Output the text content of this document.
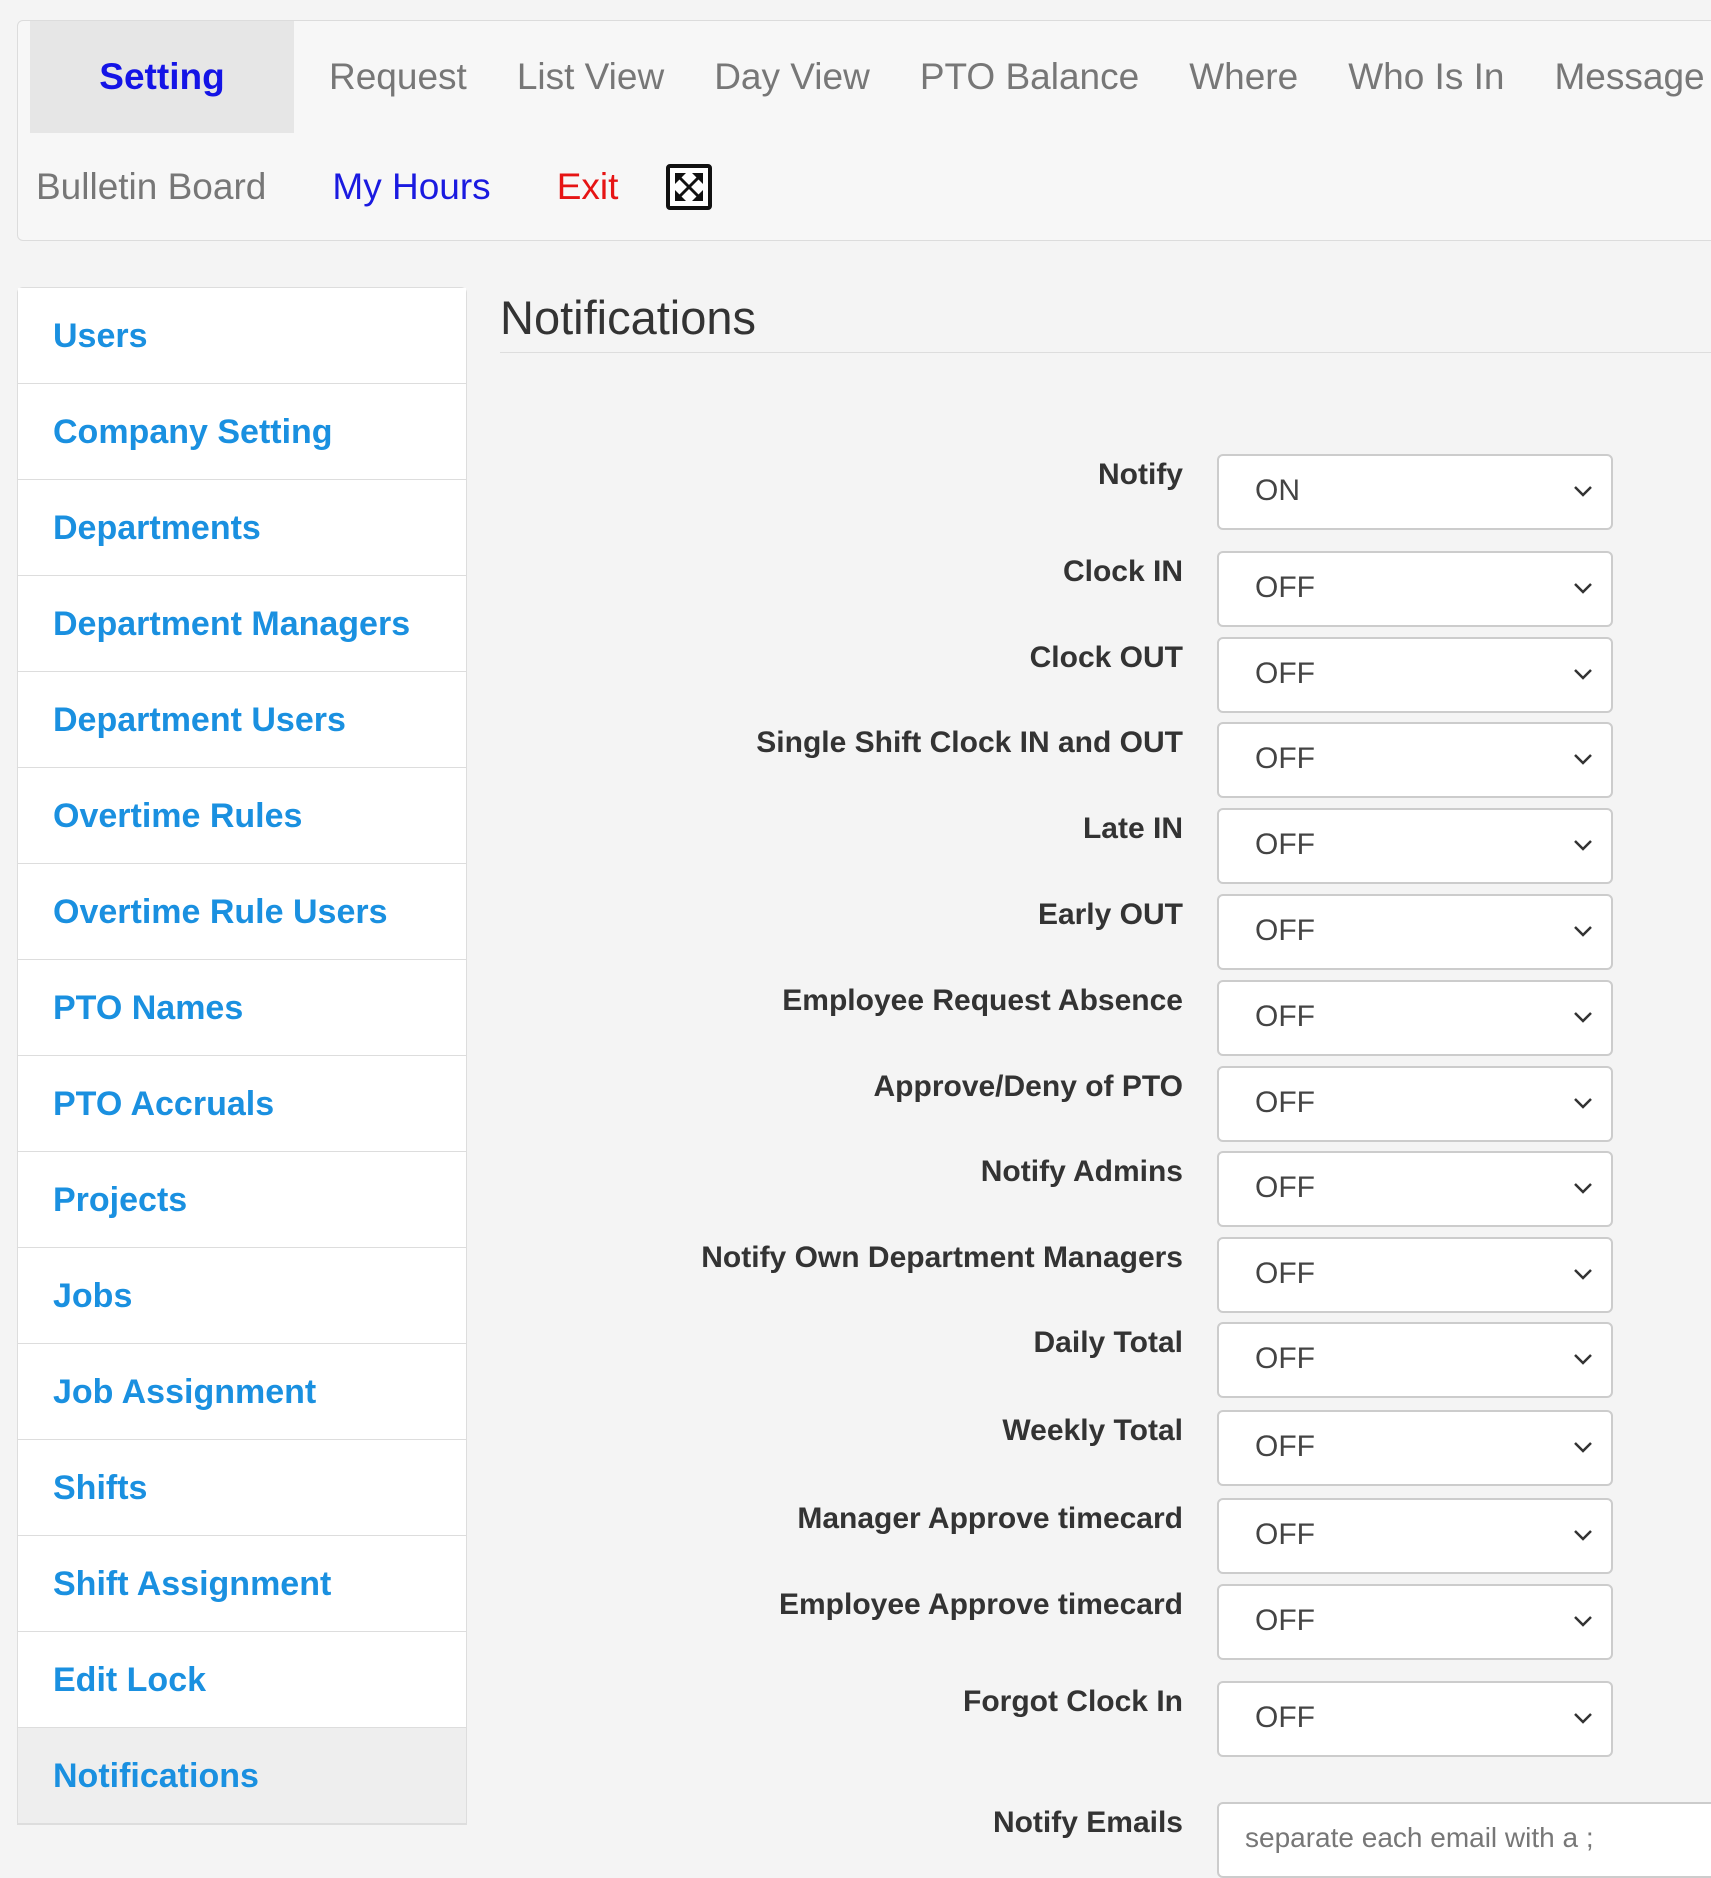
Setting	Request	List View	Day View	PTO Balance	Where	Who Is In	Message
Bulletin Board	My Hours	Exit
Users
Company Setting
Departments
Department Managers
Department Users
Overtime Rules
Overtime Rule Users
PTO Names
PTO Accruals
Projects
Jobs
Job Assignment
Shifts
Shift Assignment
Edit Lock
Notifications
Notifications
Notify ON
Clock IN OFF
Clock OUT OFF
Single Shift Clock IN and OUT OFF
Late IN OFF
Early OUT OFF
Employee Request Absence OFF
Approve/Deny of PTO OFF
Notify Admins OFF
Notify Own Department Managers OFF
Daily Total OFF
Weekly Total OFF
Manager Approve timecard OFF
Employee Approve timecard OFF
Forgot Clock In OFF
Notify Emails	separate each email with a ;
